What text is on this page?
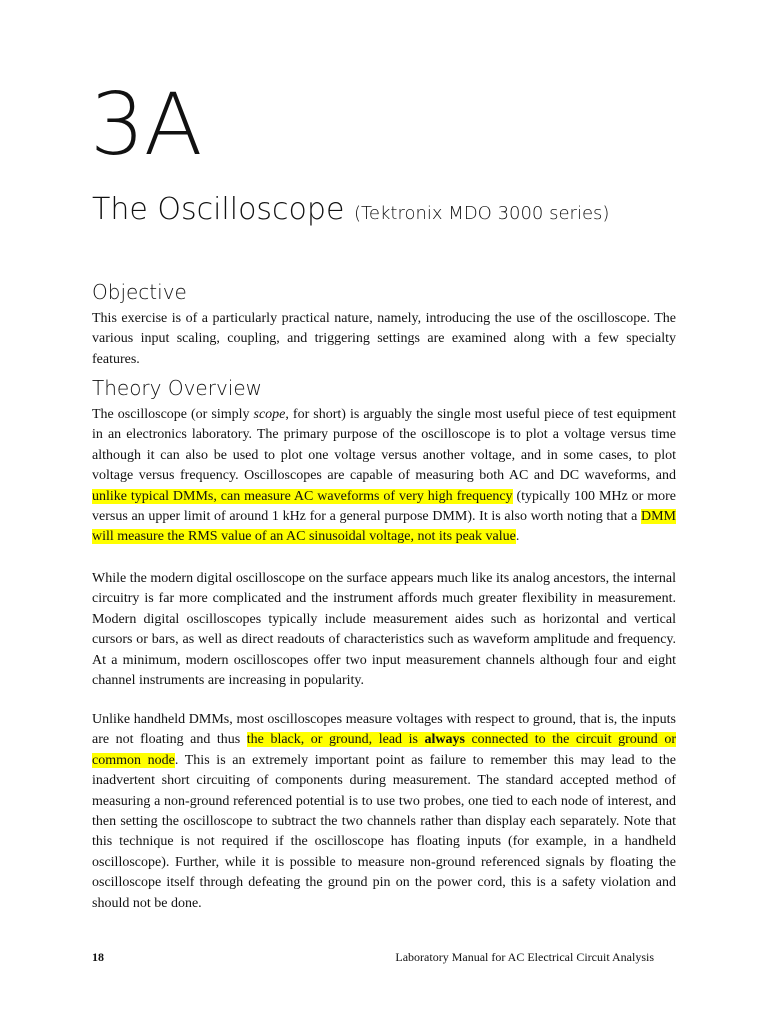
3A
The Oscilloscope (Tektronix MDO 3000 series)
Objective

This exercise is of a particularly practical nature, namely, introducing the use of the oscilloscope. The various input scaling, coupling, and triggering settings are examined along with a few specialty features.

Theory Overview

The oscilloscope (or simply scope, for short) is arguably the single most useful piece of test equipment in an electronics laboratory. The primary purpose of the oscilloscope is to plot a voltage versus time although it can also be used to plot one voltage versus another voltage, and in some cases, to plot voltage versus frequency. Oscilloscopes are capable of measuring both AC and DC waveforms, and unlike typical DMMs, can measure AC waveforms of very high frequency (typically 100 MHz or more versus an upper limit of around 1 kHz for a general purpose DMM). It is also worth noting that a DMM will measure the RMS value of an AC sinusoidal voltage, not its peak value.

While the modern digital oscilloscope on the surface appears much like its analog ancestors, the internal circuitry is far more complicated and the instrument affords much greater flexibility in measurement. Modern digital oscilloscopes typically include measurement aides such as horizontal and vertical cursors or bars, as well as direct readouts of characteristics such as waveform amplitude and frequency. At a minimum, modern oscilloscopes offer two input measurement channels although four and eight channel instruments are increasing in popularity.

Unlike handheld DMMs, most oscilloscopes measure voltages with respect to ground, that is, the inputs are not floating and thus the black, or ground, lead is always connected to the circuit ground or common node. This is an extremely important point as failure to remember this may lead to the inadvertent short circuiting of components during measurement. The standard accepted method of measuring a non-ground referenced potential is to use two probes, one tied to each node of interest, and then setting the oscilloscope to subtract the two channels rather than display each separately. Note that this technique is not required if the oscilloscope has floating inputs (for example, in a handheld oscilloscope). Further, while it is possible to measure non-ground referenced signals by floating the oscilloscope itself through defeating the ground pin on the power cord, this is a safety violation and should not be done.

18	Laboratory Manual for AC Electrical Circuit Analysis
